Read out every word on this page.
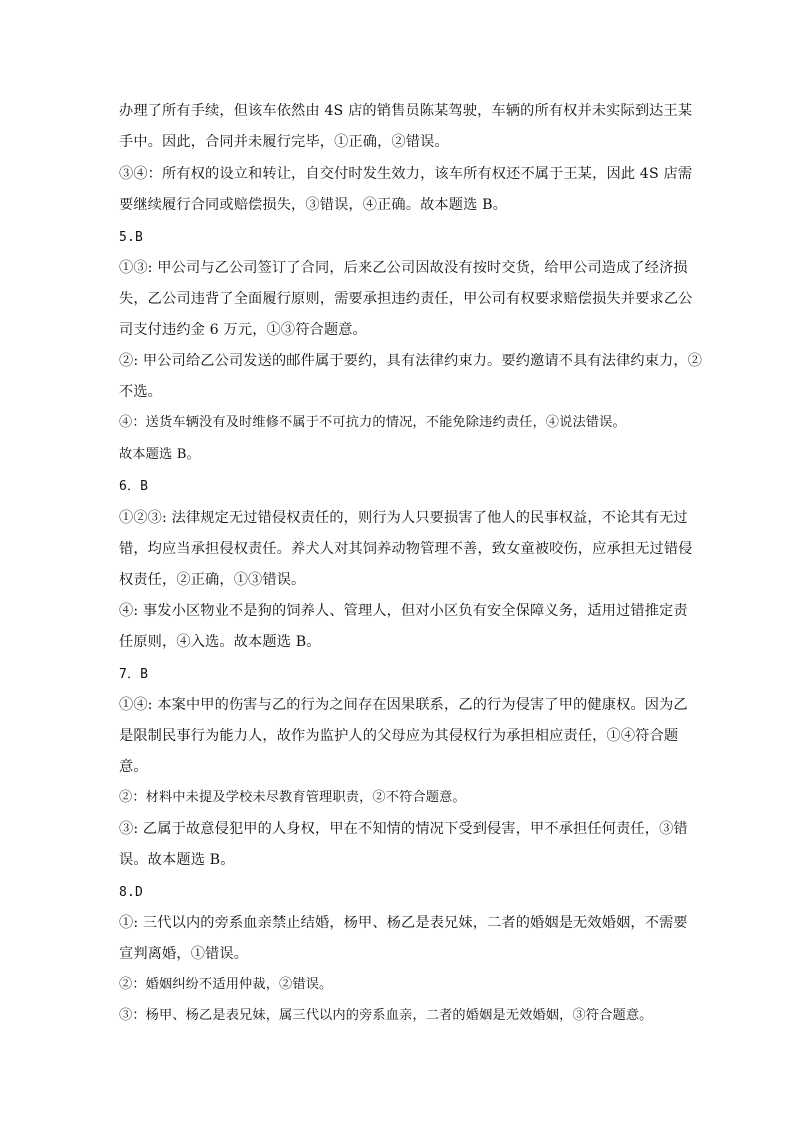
办理了所有手续，但该车依然由 4S 店的销售员陈某驾驶，车辆的所有权并未实际到达王某
手中。因此，合同并未履行完毕，①正确，②错误。
③④：所有权的设立和转让，自交付时发生效力，该车所有权还不属于王某，因此 4S 店需
要继续履行合同或赔偿损失，③错误，④正确。故本题选 B。
5.B
①③: 甲公司与乙公司签订了合同，后来乙公司因故没有按时交货，给甲公司造成了经济损
失，乙公司违背了全面履行原则，需要承担违约责任，甲公司有权要求赔偿损失并要求乙公
司支付违约金 6 万元，①③符合题意。
②: 甲公司给乙公司发送的邮件属于要约，具有法律约束力。要约邀请不具有法律约束力，②
不选。
④：送货车辆没有及时维修不属于不可抗力的情况，不能免除违约责任，④说法错误。
故本题选 B。
6．B
①②③: 法律规定无过错侵权责任的，则行为人只要损害了他人的民事权益，不论其有无过
错，均应当承担侵权责任。养犬人对其饲养动物管理不善，致女童被咬伤，应承担无过错侵
权责任，②正确，①③错误。
④: 事发小区物业不是狗的饲养人、管理人，但对小区负有安全保障义务，适用过错推定责
任原则，④入选。故本题选 B。
7．B
①④: 本案中甲的伤害与乙的行为之间存在因果联系，乙的行为侵害了甲的健康权。因为乙
是限制民事行为能力人，故作为监护人的父母应为其侵权行为承担相应责任，①④符合题
意。
②：材料中未提及学校未尽教育管理职责，②不符合题意。
③: 乙属于故意侵犯甲的人身权，甲在不知情的情况下受到侵害，甲不承担任何责任，③错
误。故本题选 B。
8.D
①: 三代以内的旁系血亲禁止结婚，杨甲、杨乙是表兄妹，二者的婚姻是无效婚姻，不需要
宣判离婚，①错误。
②：婚姻纠纷不适用仲裁，②错误。
③：杨甲、杨乙是表兄妹，属三代以内的旁系血亲，二者的婚姻是无效婚姻，③符合题意。
